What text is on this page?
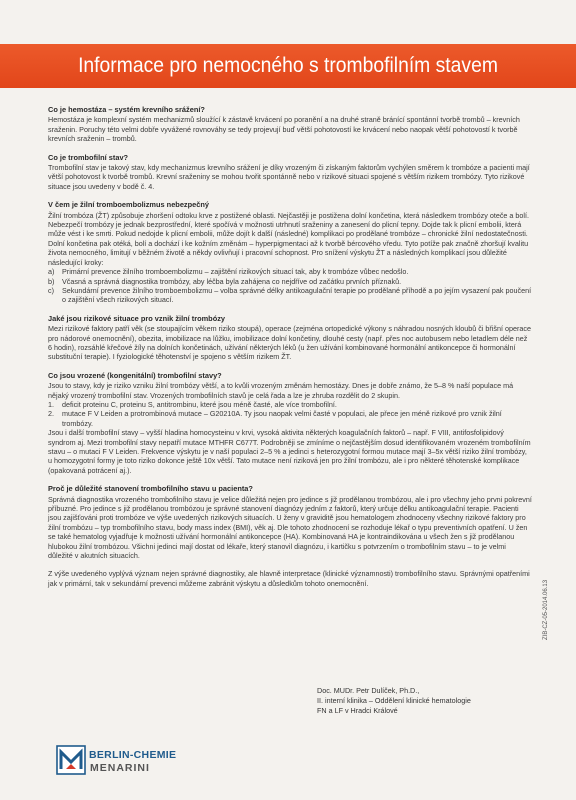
Informace pro nemocného s trombofilním stavem
Co je hemostáza – systém krevního srážení?

Hemostáza je komplexní systém mechanizmů sloužící k zástavě krvácení po poranění a na druhé straně bránící spontánní tvorbě trombů – krevních sraženin. Poruchy této velmi dobře vyvážené rovnováhy se tedy projevují buď větší pohotovostí ke krvácení nebo naopak větší pohotovostí k tvorbě krevních sraženin – trombů.

Co je trombofilní stav?

Trombofilní stav je takový stav, kdy mechanizmus krevního srážení je díky vrozeným či získaným faktorům vychýlen směrem k trombóze a pacienti mají větší pohotovost k tvorbě trombů. Krevní sraženiny se mohou tvořit spontánně nebo v rizikové situaci spojené s větším rizikem trombózy. Tyto rizikové situace jsou uvedeny v bodě č. 4.

V čem je žilní tromboembolizmus nebezpečný

Žilní trombóza (ŽT) způsobuje zhoršení odtoku krve z postižené oblasti. Nejčastěji je postižena dolní končetina, která následkem trombózy oteče a bolí. Nebezpečí trombózy je jednak bezprostřední, které spočívá v možnosti utrhnutí sraženiny a zanesení do plicní tepny. Dojde tak k plicní embolii, která může vést i ke smrti. Pokud nedojde k plicní embolii, může dojít k další (následné) komplikaci po prodělané trombóze – chronické žilní nedostatečnosti. Dolní končetina pak otéká, bolí a dochází i ke kožním změnám – hyperpigmentaci až k tvorbě bércového vředu. Tyto potíže pak značně zhoršují kvalitu života nemocného, limitují v běžném životě a někdy ovlivňují i pracovní schopnost. Pro snížení výskytu ŽT a následných komplikací jsou důležité následující kroky:

a) Primární prevence žilního tromboembolizmu – zajištění rizikových situací tak, aby k trombóze vůbec nedošlo.
b) Včasná a správná diagnostika trombózy, aby léčba byla zahájena co nejdříve od začátku prvních příznaků.
c) Sekundární prevence žilního tromboembolizmu – volba správné délky antikoagulační terapie po prodělané příhodě a po jejím vysazení pak poučení o zajištění všech rizikových situací.
Jaké jsou rizikové situace pro vznik žilní trombózy

Mezi rizikové faktory patří věk (se stoupajícím věkem riziko stoupá), operace (zejména ortopedické výkony s náhradou nosných kloubů či břišní operace pro nádorové onemocnění), obezita, imobilizace na lůžku, imobilizace dolní končetiny, dlouhé cesty (např. přes noc autobusem nebo letadlem déle než 6 hodin), rozsáhlé křečové žíly na dolních končetinách, užívání některých léků (u žen užívání kombinované hormonální antikoncepce či hormonální substituční terapie). I fyziologické těhotenství je spojeno s větším rizikem ŽT.

Co jsou vrozené (kongenitální) trombofilní stavy?

Jsou to stavy, kdy je riziko vzniku žilní trombózy větší, a to kvůli vrozeným změnám hemostázy. Dnes je dobře známo, že 5–8 % naší populace má nějaký vrozený trombofilní stav. Vrozených trombofilních stavů je celá řada a lze je zhruba rozdělit do 2 skupin.

1. deficit proteinu C, proteinu S, antitrombinu, které jsou méně časté, ale více trombofilní.
2. mutace F V Leiden a protrombinová mutace – G20210A. Ty jsou naopak velmi časté v populaci, ale přece jen méně rizikové pro vznik žilní trombózy.

Jsou i další trombofilní stavy – vyšší hladina homocysteinu v krvi, vysoká aktivita některých koagulačních faktorů – např. F VIII, antifosfolipidový syndrom aj. Mezi trombofilní stavy nepatří mutace MTHFR C677T. Podrobněji se zmíníme o nejčastějším dosud identifikovaném vrozeném trombofilním stavu – o mutaci F V Leiden. Frekvence výskytu je v naší populaci 2–5 % a jedinci s heterozygotní formou mutace mají 3–5x větší riziko žilní trombózy, u homozygotní formy je toto riziko dokonce ještě 10x větší. Tato mutace není riziková jen pro žilní trombózu, ale i pro některé těhotenské komplikace (opakovaná potrácení aj.).

Proč je důležité stanovení trombofilního stavu u pacienta?

Správná diagnostika vrozeného trombofilního stavu je velice důležitá nejen pro jedince s již prodělanou trombózou, ale i pro všechny jeho prvni pokrevní příbuzné. Pro jedince s již prodělanou trombózou je správné stanovení diagnózy jedním z faktorů, který určuje délku antikoagulační terapie. Pacienti jsou zajišťováni proti trombóze ve výše uvedených rizikových situacích. U ženy v graviditě jsou hematologem zhodnoceny všechny rizikové faktory pro žilní trombózu – typ trombofilního stavu, body mass index (BMI), věk aj. Dle tohoto zhodnocení se rozhoduje lékař o typu preventivních opatření. U žen se také hematolog vyjadřuje k možnosti užívání hormonální antikoncepce (HA). Kombinovaná HA je kontraindikována u všech žen s již prodělanou hlubokou žilní trombózou. Všichni jedinci mají dostat od lékaře, který stanovil diagnózu, i kartičku s potvrzením o trombofilním stavu – to je velmi důležité v akutních situacích.

Z výše uvedeného vyplývá význam nejen správné diagnostiky, ale hlavně interpretace (klinické významnosti) trombofilního stavu. Správnými opatřeními jak v primární, tak v sekundární prevenci můžeme zabránit výskytu a důsledkům tohoto onemocnění.

Doc. MUDr. Petr Dulíček, Ph.D.,
II. interní klinika – Oddělení klinické hematologie
FN a LF v Hradci Králové
ZIB-CZ-05-2014.06.13
BERLIN-CHEMIE
MENARINI
